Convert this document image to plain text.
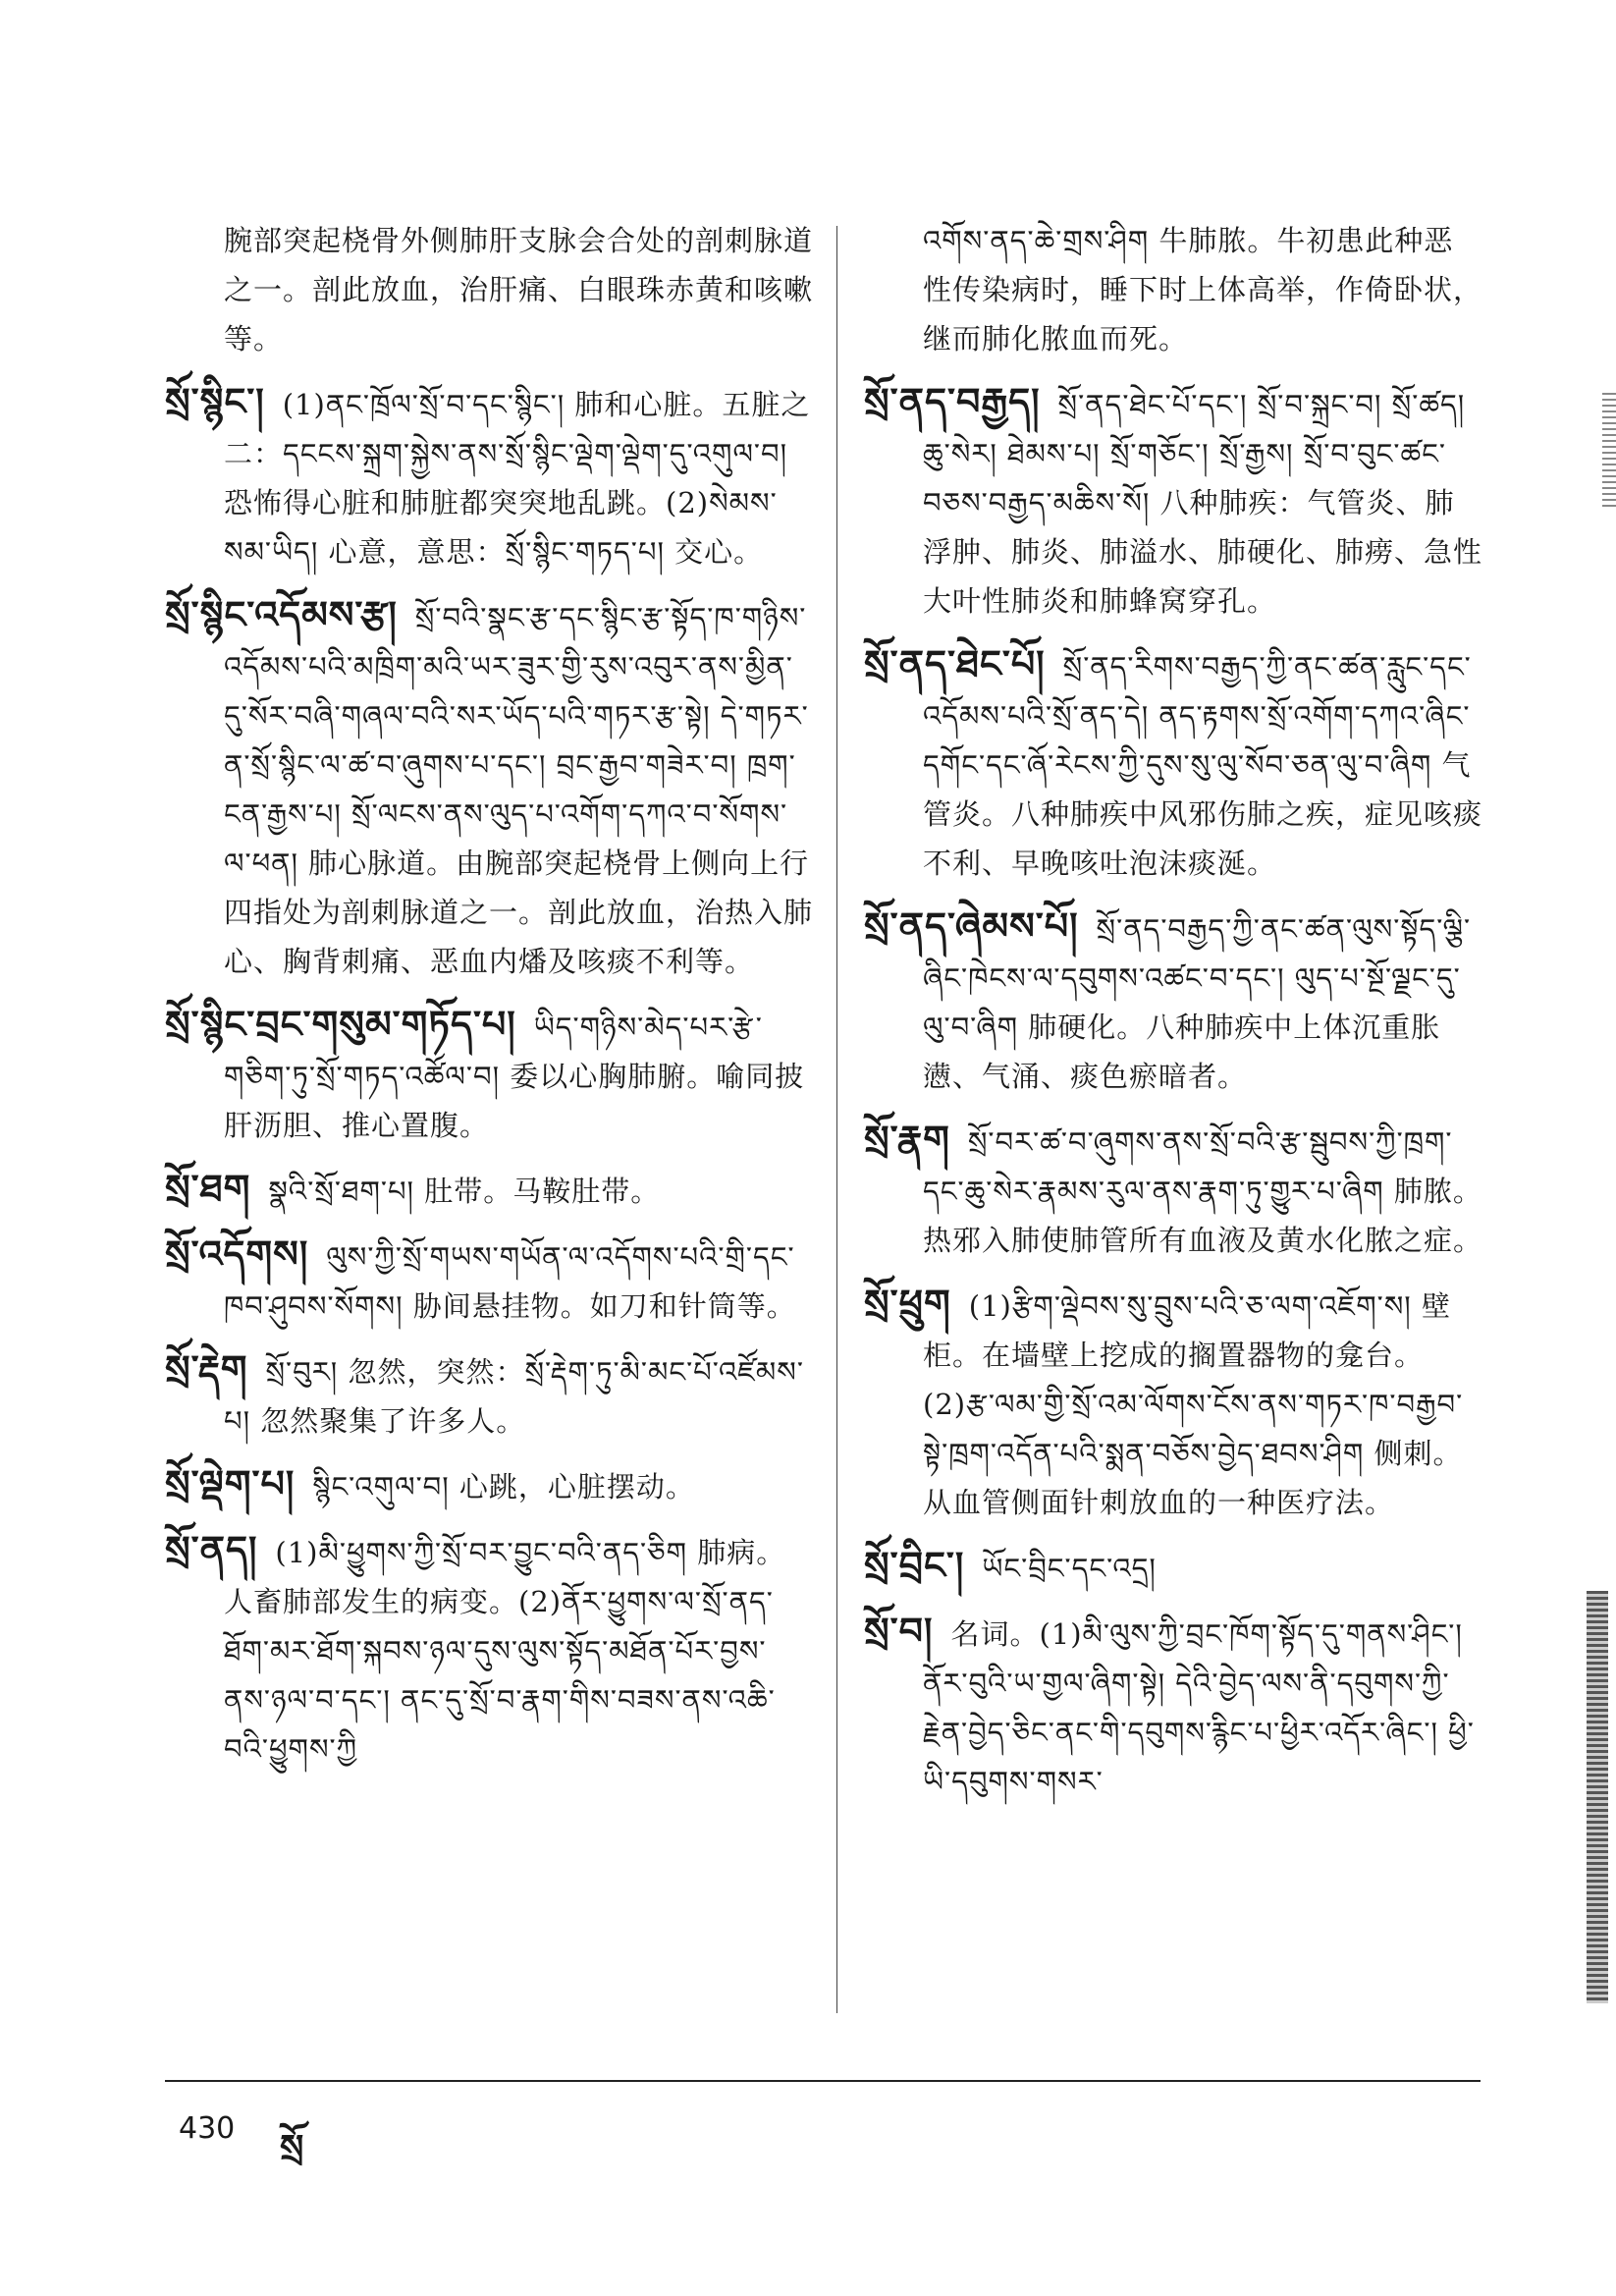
腕部突起桡骨外侧肺肝支脉会合处的剖刺脉道之一。剖此放血，治肝痛、白眼珠赤黄和咳嗽等。

སྲོ་སྙིང་། (1)ནང་ཁྲོལ་སྲོ་བ་དང་སྙིང་། 肺和心脏。五脏之二：དངངས་སྐྲག་སྐྱེས་ནས་སྲོ་སྙིང་ལྡེག་ལྡེག་དུ་འགུལ་བ། 恐怖得心脏和肺脏都突突地乱跳。(2)སེམས་སམ་ཡིད། 心意，意思：སྲོ་སྙིང་གཏད་པ། 交心。

སྲོ་སྙིང་འདོམས་རྩ། སྲོ་བའི་སྣང་རྩ་དང་སྙིང་རྩ་སྟོད་ཁ་གཉིས་འདོམས་པའི་མཁྲིག་མའི་ཡར་ཟུར་གྱི་རུས་འབུར་ནས་མྱིན་དུ་སོར་བཞི་གཞལ་བའི་སར་ཡོད་པའི་གཏར་རྩ་སྟེ། དེ་གཏར་ན་སྲོ་སྙིང་ལ་ཚ་བ་ཞུགས་པ་དང་། བྲང་རྒྱབ་གཟེར་བ། ཁྲག་ངན་རྒྱས་པ། སྲོ་ལངས་ནས་ལུད་པ་འགོག་དཀའ་བ་སོགས་ལ་ཕན། 肺心脉道。由腕部突起桡骨上侧向上行四指处为剖刺脉道之一。剖此放血，治热入肺心、胸背刺痛、恶血内燔及咳痰不利等。

སྲོ་སྙིང་བྲང་གསུམ་གཏོད་པ། ཡིད་གཉིས་མེད་པར་རྩེ་གཅིག་ཏུ་སྲོ་གཏད་འཚོལ་བ། 委以心胸肺腑。喻同披肝沥胆、推心置腹。

སྲོ་ཐག སྣའི་སྲོ་ཐག་པ། 肚带。马鞍肚带。

སྲོ་འདོགས། ལུས་ཀྱི་སྲོ་གཡས་གཡོན་ལ་འདོགས་པའི་གྲི་དང་ཁབ་ཤུབས་སོགས། 胁间悬挂物。如刀和针筒等。

སྲོ་རྡེག སྲོ་བུར། 忽然，突然：སྲོ་རྡེག་ཏུ་མི་མང་པོ་འཛོམས་པ། 忽然聚集了许多人。

སྲོ་ལྡེག་པ། སྙིང་འགུལ་བ། 心跳，心脏摆动。

སྲོ་ནད། (1)མི་ཕྱུགས་ཀྱི་སྲོ་བར་བྱུང་བའི་ནད་ཅིག 肺病。人畜肺部发生的病变。(2)ནོར་ཕྱུགས་ལ་སྲོ་ནད་ཐོག་མར་ཐོག་སྐབས་ཉལ་དུས་ལུས་སྟོད་མཐོན་པོར་བྱས་ནས་ཉལ་བ་དང་། ནང་དུ་སྲོ་བ་རྣག་གིས་བཟས་ནས་འཆི་བའི་ཕྱུགས་ཀྱི

འགོས་ནད་ཆེ་གྲས་ཤིག 牛肺脓。牛初患此种恶性传染病时，睡下时上体高举，作倚卧状，继而肺化脓血而死。

སྲོ་ནད་བརྒྱད། སྲོ་ནད་ཐེང་པོ་དང་། སྲོ་བ་སྐྲང་བ། སྲོ་ཚད། ཆུ་སེར། ཐེམས་པ། སྲོ་གཅོང་། སྲོ་རྒྱས། སྲོ་བ་བུང་ཚང་བཅས་བརྒྱད་མཆིས་སོ། 八种肺疾：气管炎、肺浮肿、肺炎、肺溢水、肺硬化、肺痨、急性大叶性肺炎和肺蜂窝穿孔。

སྲོ་ནད་ཐེང་པོ། སྲོ་ནད་རིགས་བརྒྱད་ཀྱི་ནང་ཚན་རླུང་དང་འདོམས་པའི་སྲོ་ནད་དེ། ནད་རྟགས་སྲོ་འགོག་དཀའ་ཞིང་དགོང་དང་ཞོ་རེངས་ཀྱི་དུས་སུ་ལུ་སོབ་ཅན་ལུ་བ་ཞིག 气管炎。八种肺疾中风邪伤肺之疾，症见咳痰不利、早晚咳吐泡沫痰涎。

སྲོ་ནད་ཞེམས་པོ། སྲོ་ནད་བརྒྱད་ཀྱི་ནང་ཚན་ལུས་སྟོད་ལྕི་ཞིང་ཁེངས་ལ་དབུགས་འཚང་བ་དང་། ལུད་པ་སྔོ་ལྗང་དུ་ལུ་བ་ཞིག 肺硬化。八种肺疾中上体沉重胀懑、气涌、痰色瘀暗者。

སྲོ་རྣག སྲོ་བར་ཚ་བ་ཞུགས་ནས་སྲོ་བའི་རྩ་སྦུབས་ཀྱི་ཁྲག་དང་ཆུ་སེར་རྣམས་རུལ་ནས་རྣག་ཏུ་གྱུར་པ་ཞིག 肺脓。热邪入肺使肺管所有血液及黄水化脓之症。

སྲོ་ཕྲུག (1)རྩིག་ལྡེབས་སུ་བྲུས་པའི་ཅ་ལག་འཇོག་ས། 壁柜。在墙壁上挖成的搁置器物的龛台。(2)རྩ་ལམ་གྱི་སྲོ་འམ་ལོགས་ངོས་ནས་གཏར་ཁ་བརྒྱབ་སྟེ་ཁྲག་འདོན་པའི་སྨན་བཅོས་བྱེད་ཐབས་ཤིག 侧刺。从血管侧面针刺放血的一种医疗法。

སྲོ་བྲིང་། ཡོང་བྲིང་དང་འདྲ།

སྲོ་བ། 名词。(1)མི་ལུས་ཀྱི་བྲང་ཁོག་སྟོད་དུ་གནས་ཤིང་། ནོར་བུའི་ཡ་གྱལ་ཞིག་སྟེ། དེའི་བྱེད་ལས་ནི་དབུགས་ཀྱི་རྗེན་བྱེད་ཅིང་ནང་གི་དབུགས་རྙིང་པ་ཕྱིར་འདོར་ཞིང་། ཕྱི་ཡི་དབུགས་གསར་

430 སྲོ
